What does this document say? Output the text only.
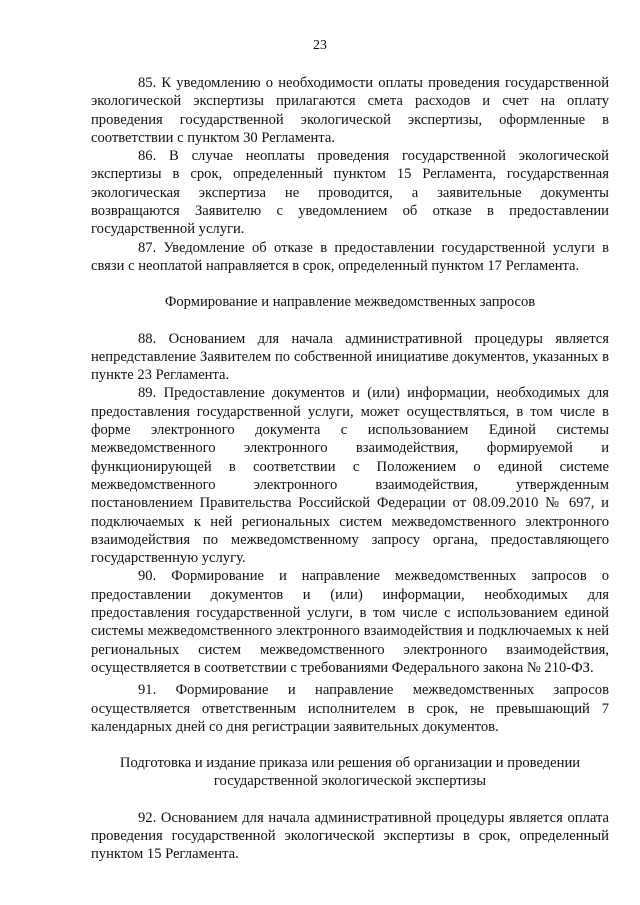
23

85. К уведомлению о необходимости оплаты проведения государственной экологической экспертизы прилагаются смета расходов и счет на оплату проведения государственной экологической экспертизы, оформленные в соответствии с пунктом 30 Регламента.

86. В случае неоплаты проведения государственной экологической экспертизы в срок, определенный пунктом 15 Регламента, государственная экологическая экспертиза не проводится, а заявительные документы возвращаются Заявителю с уведомлением об отказе в предоставлении государственной услуги.

87. Уведомление об отказе в предоставлении государственной услуги в связи с неоплатой направляется в срок, определенный пунктом 17 Регламента.

Формирование и направление межведомственных запросов

88. Основанием для начала административной процедуры является непредставление Заявителем по собственной инициативе документов, указанных в пункте 23 Регламента.

89. Предоставление документов и (или) информации, необходимых для предоставления государственной услуги, может осуществляться, в том числе в форме электронного документа с использованием Единой системы межведомственного электронного взаимодействия, формируемой и функционирующей в соответствии с Положением о единой системе межведомственного электронного взаимодействия, утвержденным постановлением Правительства Российской Федерации от 08.09.2010 № 697, и подключаемых к ней региональных систем межведомственного электронного взаимодействия по межведомственному запросу органа, предоставляющего государственную услугу.

90. Формирование и направление межведомственных запросов о предоставлении документов и (или) информации, необходимых для предоставления государственной услуги, в том числе с использованием единой системы межведомственного электронного взаимодействия и подключаемых к ней региональных систем межведомственного электронного взаимодействия, осуществляется в соответствии с требованиями Федерального закона № 210-ФЗ.

91. Формирование и направление межведомственных запросов осуществляется ответственным исполнителем в срок, не превышающий 7 календарных дней со дня регистрации заявительных документов.

Подготовка и издание приказа или решения об организации и проведении государственной экологической экспертизы

92. Основанием для начала административной процедуры является оплата проведения государственной экологической экспертизы в срок, определенный пунктом 15 Регламента.
